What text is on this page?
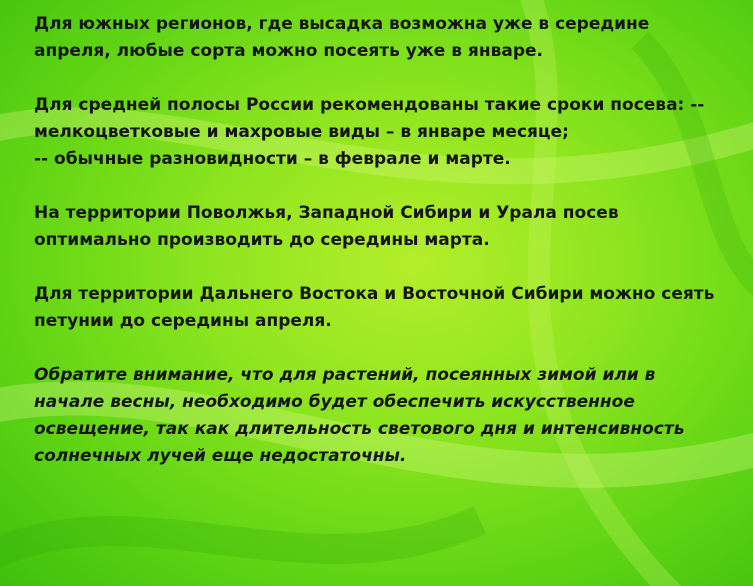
Для южных регионов, где высадка возможна уже в середине
апреля, любые сорта можно посеять уже в январе.

Для средней полосы России рекомендованы такие сроки посева: --
мелкоцветковые и махровые виды – в январе месяце;
-- обычные разновидности – в феврале и марте.

На территории Поволжья, Западной Сибири и Урала посев
оптимально производить до середины марта.

Для территории Дальнего Востока и Восточной Сибири можно сеять
петунии до середины апреля.

Обратите внимание, что для растений, посеянных зимой или в
начале весны, необходимо будет обеспечить искусственное
освещение, так как длительность светового дня и интенсивность
солнечных лучей еще недостаточны.
